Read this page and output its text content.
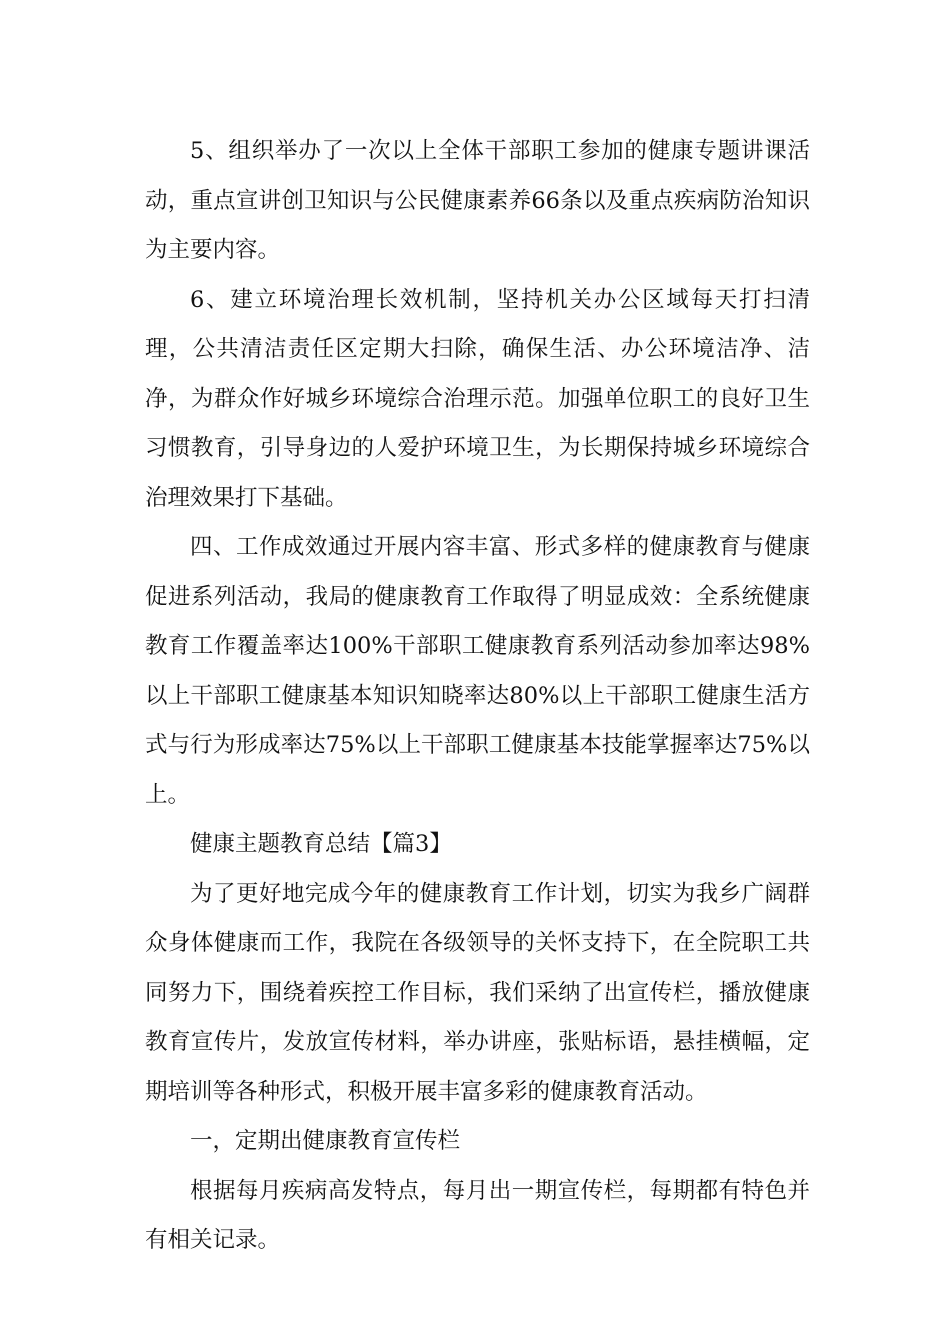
5、组织举办了一次以上全体干部职工参加的健康专题讲课活动，重点宣讲创卫知识与公民健康素养66条以及重点疾病防治知识为主要内容。

6、建立环境治理长效机制，坚持机关办公区域每天打扫清理，公共清洁责任区定期大扫除，确保生活、办公环境洁净、洁净，为群众作好城乡环境综合治理示范。加强单位职工的良好卫生习惯教育，引导身边的人爱护环境卫生，为长期保持城乡环境综合治理效果打下基础。

四、工作成效通过开展内容丰富、形式多样的健康教育与健康促进系列活动，我局的健康教育工作取得了明显成效：全系统健康教育工作覆盖率达100%干部职工健康教育系列活动参加率达98%以上干部职工健康基本知识知晓率达80%以上干部职工健康生活方式与行为形成率达75%以上干部职工健康基本技能掌握率达75%以上。

健康主题教育总结【篇3】

为了更好地完成今年的健康教育工作计划，切实为我乡广阔群众身体健康而工作，我院在各级领导的关怀支持下，在全院职工共同努力下，围绕着疾控工作目标，我们采纳了出宣传栏，播放健康教育宣传片，发放宣传材料，举办讲座，张贴标语，悬挂横幅，定期培训等各种形式，积极开展丰富多彩的健康教育活动。

一，定期出健康教育宣传栏

根据每月疾病高发特点，每月出一期宣传栏，每期都有特色并有相关记录。
